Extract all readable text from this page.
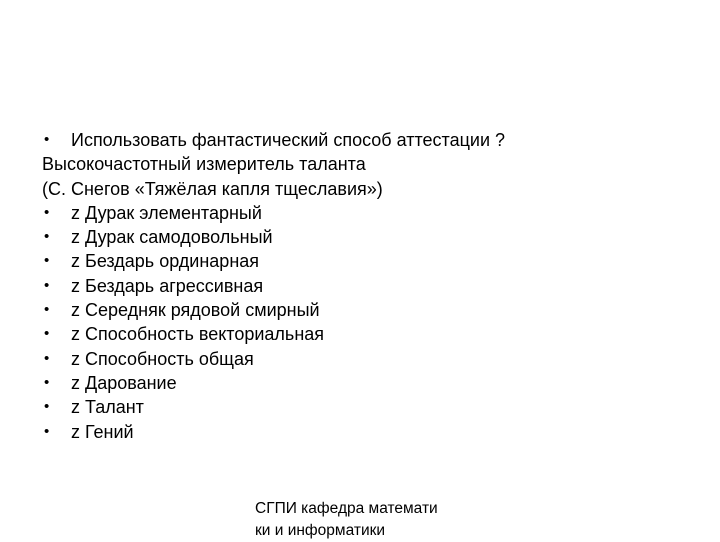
•	Использовать фантастический способ аттестации ?
Высокочастотный измеритель таланта
(С. Снегов «Тяжёлая капля тщеславия»)
•	z Дурак элементарный
•	z Дурак самодовольный
•	z Бездарь ординарная
•	z Бездарь агрессивная
•	z Середняк рядовой смирный
•	z Способность векториальная
•	z Способность общая
•	z Дарование
•	z Талант
•	z Гений
СГПИ кафедра математи
ки и информатики
